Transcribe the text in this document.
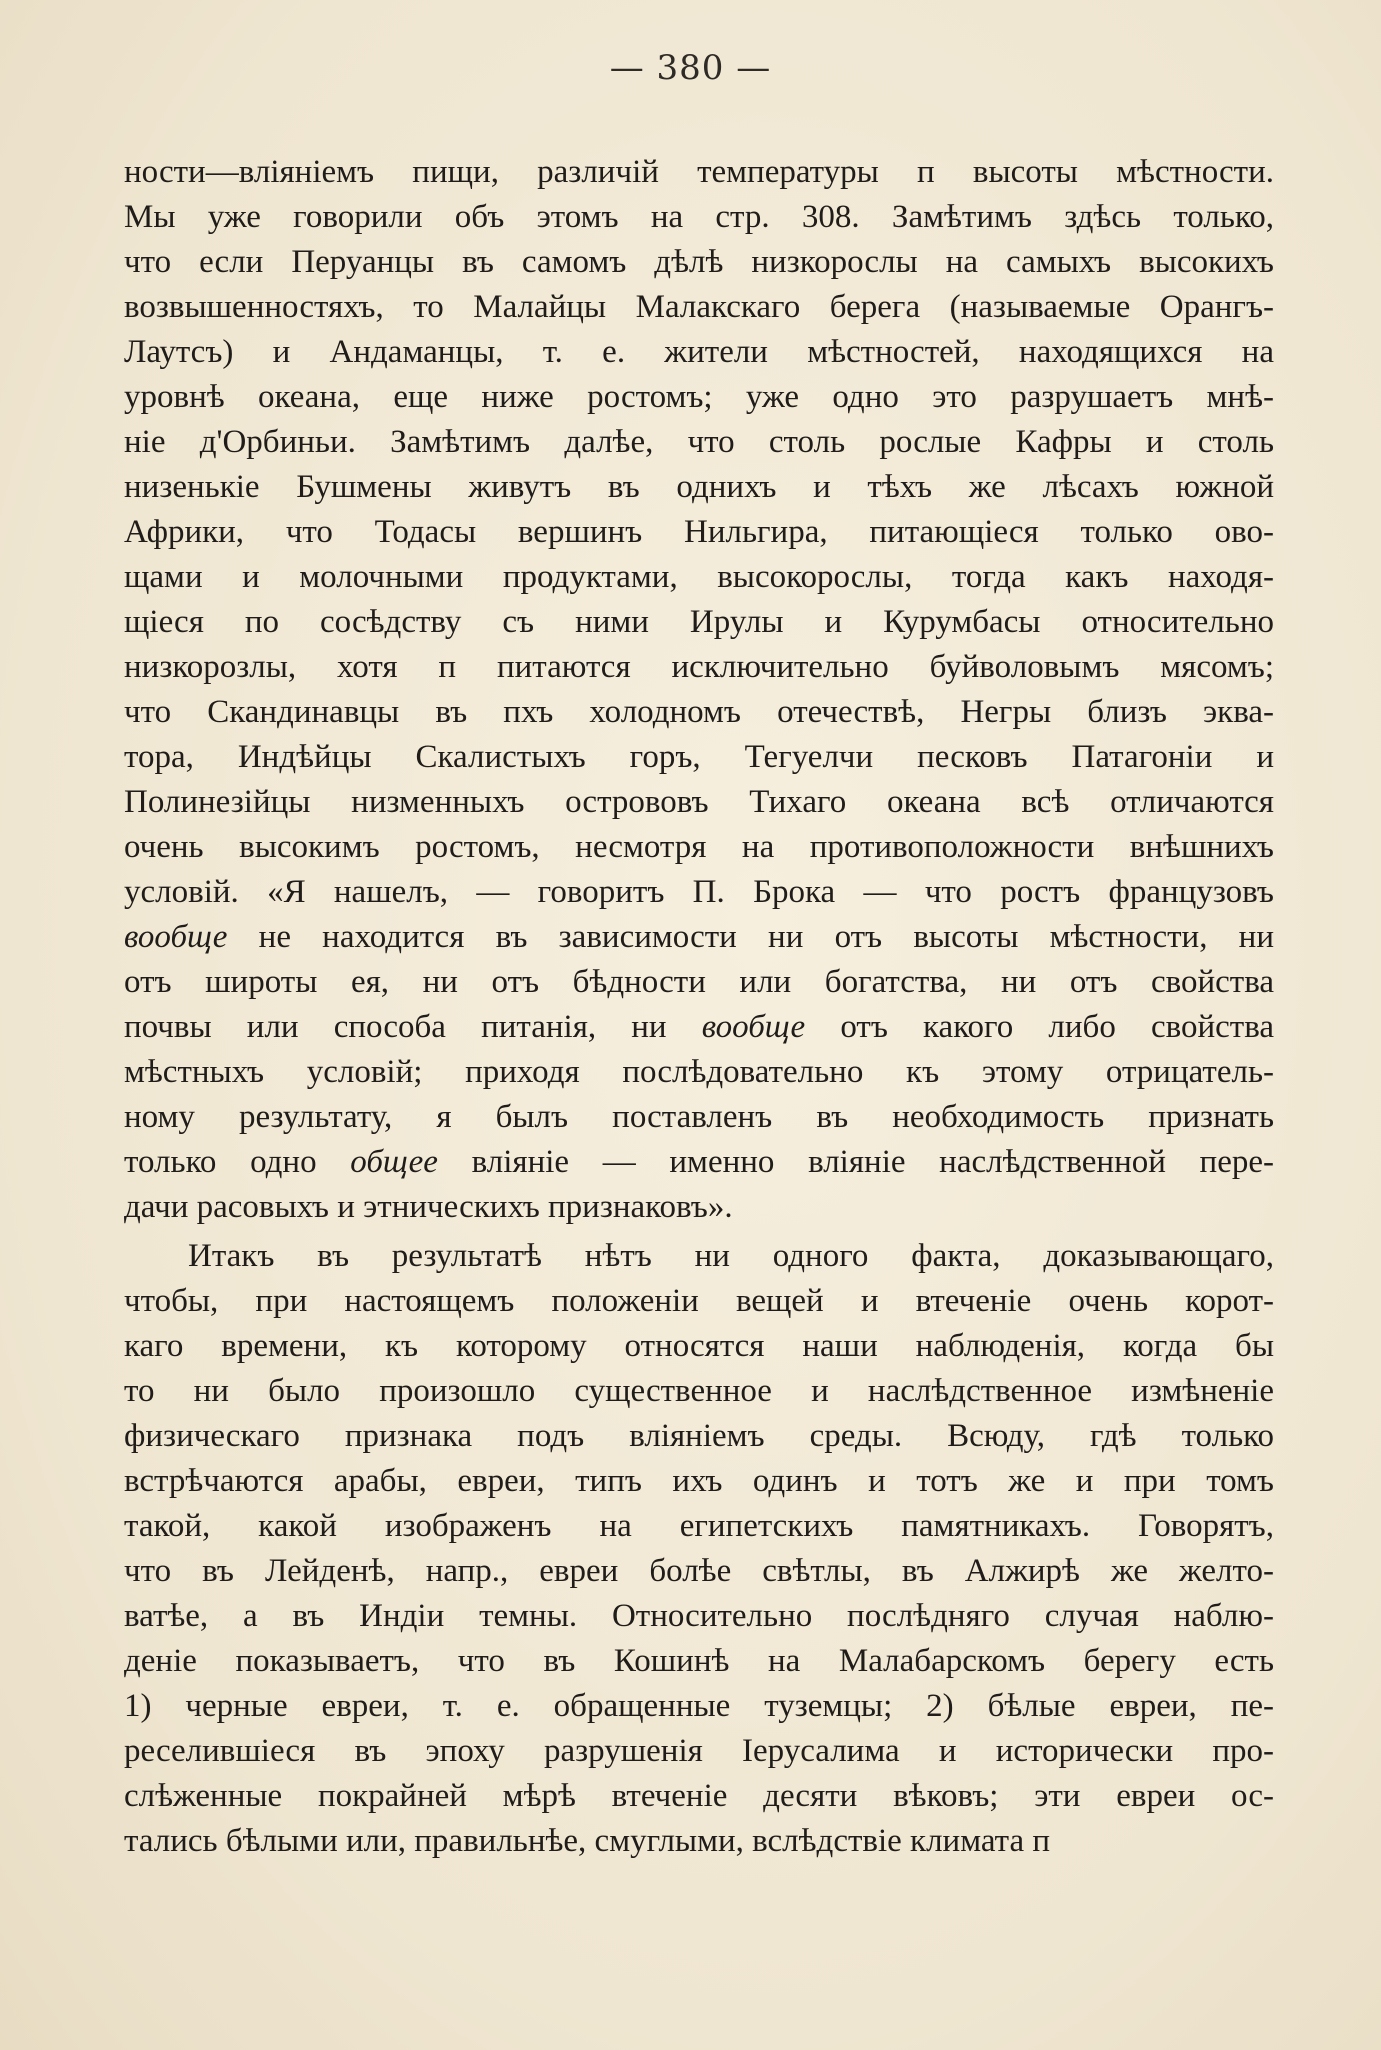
— 380 —
ности—вліяніемъ пищи, различій температуры п высоты мѣстности.
Мы уже говорили объ этомъ на стр. 308. Замѣтимъ здѣсь только,
что если Перуанцы въ самомъ дѣлѣ низкорослы на самыхъ высокихъ
возвышенностяхъ, то Малайцы Малакскаго берега (называемые Орангъ-
Лаутсъ) и Андаманцы, т. е. жители мѣстностей, находящихся на
уровнѣ океана, еще ниже ростомъ; уже одно это разрушаетъ мнѣ-
ніе д'Орбиньи. Замѣтимъ далѣе, что столь рослые Кафры и столь
низенькіе Бушмены живутъ въ однихъ и тѣхъ же лѣсахъ южной
Африки, что Тодасы вершинъ Нильгира, питающіеся только ово-
щами и молочными продуктами, высокорослы, тогда какъ находя-
щіеся по сосѣдству съ ними Ирулы и Курумбасы относительно
низкорозлы, хотя п питаются исключительно буйволовымъ мясомъ;
что Скандинавцы въ пхъ холодномъ отечествѣ, Негры близъ эква-
тора, Индѣйцы Скалистыхъ горъ, Тегуелчи песковъ Патагоніи и
Полинезійцы низменныхъ острововъ Тихаго океана всѣ отличаются
очень высокимъ ростомъ, несмотря на противоположности внѣшнихъ
условій. «Я нашелъ, — говоритъ П. Брока — что ростъ французовъ
вообще не находится въ зависимости ни отъ высоты мѣстности, ни
отъ широты ея, ни отъ бѣдности или богатства, ни отъ свойства
почвы или способа питанія, ни вообще отъ какого либо свойства
мѣстныхъ условій; приходя послѣдовательно къ этому отрицатель-
ному результату, я былъ поставленъ въ необходимость признать
только одно общее вліяніе — именно вліяніе наслѣдственной пере-
дачи расовыхъ и этническихъ признаковъ».
Итакъ въ результатѣ нѣтъ ни одного факта, доказывающаго,
чтобы, при настоящемъ положеніи вещей и втеченіе очень корот-
каго времени, къ которому относятся наши наблюденія, когда бы
то ни было произошло существенное и наслѣдственное измѣненіе
физическаго признака подъ вліяніемъ среды. Всюду, гдѣ только
встрѣчаются арабы, евреи, типъ ихъ одинъ и тотъ же и при томъ
такой, какой изображенъ на египетскихъ памятникахъ. Говорятъ,
что въ Лейденѣ, напр., евреи болѣе свѣтлы, въ Алжирѣ же желто-
ватѣе, а въ Индіи темны. Относительно послѣдняго случая наблю-
деніе показываетъ, что въ Кошинѣ на Малабарскомъ берегу есть
1) черные евреи, т. е. обращенные туземцы; 2) бѣлые евреи, пе-
реселившіеся въ эпоху разрушенія Іерусалима и исторически про-
слѣженные покрайней мѣрѣ втеченіе десяти вѣковъ; эти евреи ос-
тались бѣлыми или, правильнѣе, смуглыми, вслѣдствіе климата п
